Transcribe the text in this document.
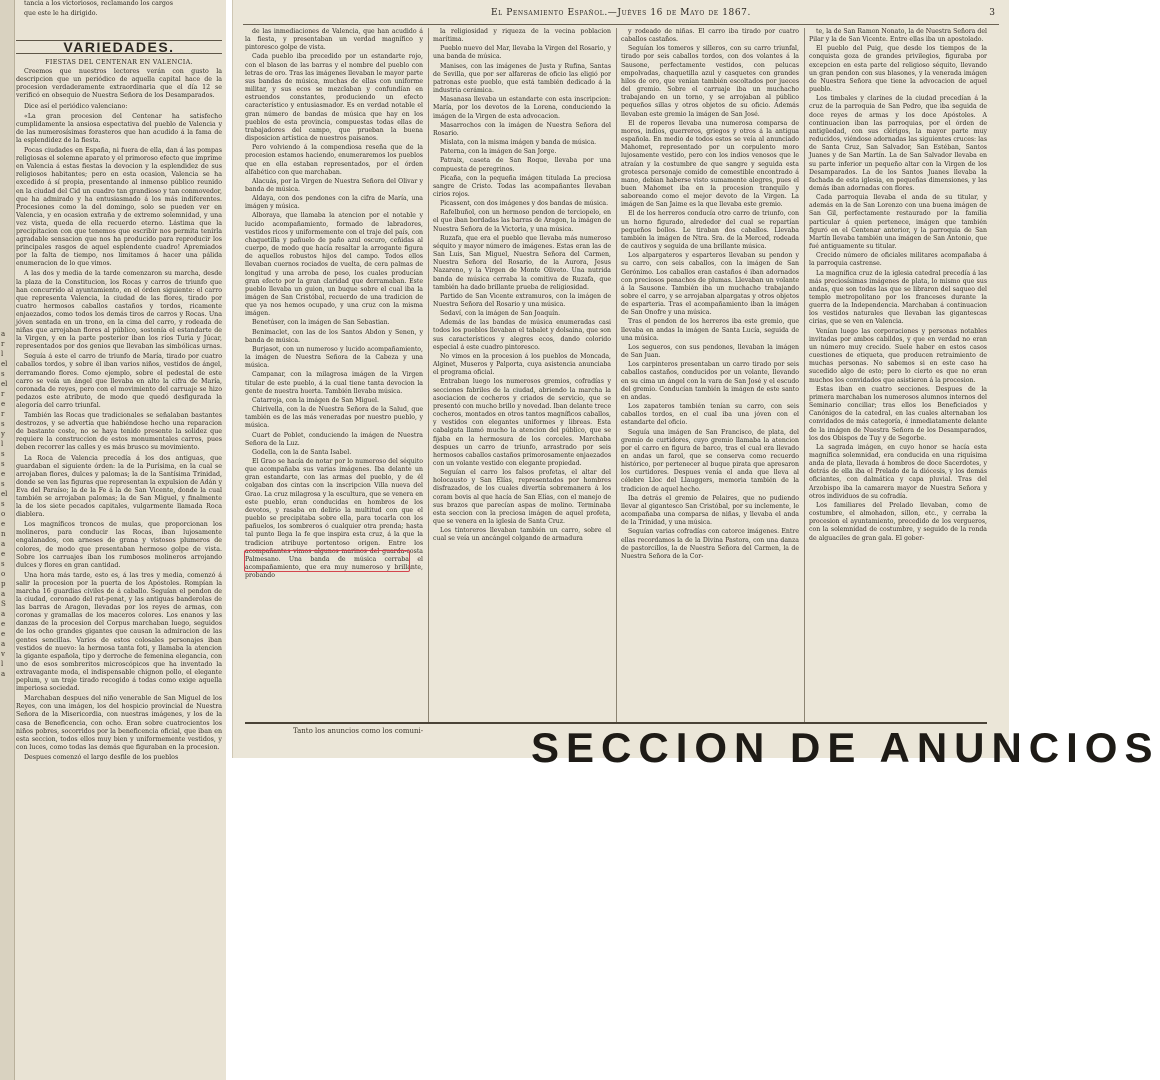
a
r
l
el
s
el
r
e
r
s
y
l
s
s
e
s
el
s
o
e
n
a
e
s
o
p
a
S
a
e
e
a
v
l
a

tancia a los victoriosos, reclamando los cargos

que este le ha dirigido.

VARIEDADES.

FIESTAS DEL CENTENAR EN VALENCIA.

Creemos que nuestros lectores verán con gusto la descripcion que un periódico de aquella capital hace de la procesion verdaderamente extraordinaria que el día 12 se verificó en obsequio de Nuestra Señora de los Desamparados.

Dice así el periódico valenciano:

«La gran procesion del Centenar ha satisfecho cumplidamente la ansiosa espectativa del pueblo de Valencia y de las numerosísimas forasteros que han acudido á la fama de la esplendidez de la fiesta.

Pocas ciudades en España, ni fuera de ella, dan á las pompas religiosas el solemne aparato y el primoroso efecto que imprime en Valencia á estas fiestas la devocion y la esplendidez de sus religiosos habitantes; pero en esta ocasion, Valencia se ha excedido á sí propia, presentando al inmenso público reunido en la ciudad del Cid un cuadro tan grandioso y tan conmovedor, que ha admirado y ha entusiasmado á los más indiferentes. Procesiones como la del domingo, solo se pueden ver en Valencia, y en ocasion extraña y de extremo solemnidad, y una vez vista, queda de ella recuerdo eterno. Lástima que la precipitacion con que tenemos que escribir nos permita tenirla agradable sensacion que nos ha producido para reproducir los principales rasgos de aquel esplendente cuadro! Apremiados por la falta de tiempo, nos limitamos á hacer una pálida enumeracion de lo que vimos.

A las dos y media de la tarde comenzaron su marcha, desde la plaza de la Constitucion, los Rocas y carros de triunfo que han concurrido al ayuntamiento, en el órden siguiente: el carro que representa Valencia, la ciudad de las flores, tirado por cuatro hermosos caballos castaños y tordos, ricamente enjaezados, como todos los demás tiros de carros y Rocas. Una jóven sentada en un trono, en la cima del carro, y rodeada de niñas que arrojaban flores al público, sostenía el estandarte de la Virgen, y en la parte posterior iban los ríos Turia y Júcar, representados por dos genios que llevaban las simbólicas urnas.

Seguía á este el carro de triunfo de María, tirado por cuatro caballos tordos, y sobre él iban varios niños, vestidos de ángel, derramando flores. Como ejemplo, sobre el pedestal de este carro se veía un ángel que llevaba en alto la cifra de María, coronada de reyes, pero con el movimiento del carruaje se hizo pedazos este atributo, de modo que quedó desfigurada la alegoría del carro triunfal.

También las Rocas que tradicionales se señalaban bastantes destrozos, y se advertía que habiéndose hecho una reparacion de bastante coste, no se haya tenido presente la solidez que requiere la construccion de estos monumentales carros, pues deben recorrer las calles y es más brusco su movimiento.

La Roca de Valencia precedía á los dos antiguas, que guardaban el siguiente órden: la de la Purísima, en la cual se arrojaban flores, dulces y palomas; la de la Santísima Trinidad, donde se ven las figuras que representan la expulsion de Adán y Eva del Paraíso; la de la Fe á la de San Vicente, donde la cual también se arrojaban palomas; la de San Miguel, y finalmente la de los siete pecados capitales, vulgarmente llamada Roca diablera.

Los magníficos troncos de mulas, que proporcionan los molineros, para conducir las Rocas, iban lujosamente engalanados, con arneses de grana y vistosos plumeros de colores, de modo que presentaban hermoso golpe de vista. Sobre los carruajes iban los rumbosos molineros arrojando dulces y flores en gran cantidad.

Una hora más tarde, esto es, á las tres y media, comenzó á salir la procesion por la puerta de los Apóstoles. Rompían la marcha 16 guardias civiles de á caballo. Seguían el pendon de la ciudad, coronado del rat-penat, y las antiguas banderolas de las barras de Aragon, llevadas por los reyes de armas, con coronas y gramallas de los maceros colores. Los enanos y las danzas de la procesion del Corpus marchaban luego, seguidos de los ocho grandes gigantes que causan la admiracion de las gentes sencillas. Varios de estos colosales personajes iban vestidos de nuevo: la hermosa tanta foti, y llamaba la atencion la gigante española, tipo y derroche de femenina elegancia, con uno de esos sombreritos microscópicos que ha inventado la extravagante moda, el indispensable chignon pollo, el elegante peplum, y un traje tirado recogido á todas como exige aquella imperiosa sociedad.

Marchaban despues del niño venerable de San Miguel de los Reyes, con una imágen, los del hospicio provincial de Nuestra Señora de la Misericordia, con nuestras imágenes, y los de la casa de Beneficencia, con ocho. Eran sobre cuatrocientos los niños pobres, socorridos por la beneficencia oficial, que iban en esta seccion, todos ellos muy bien y uniformemente vestidos, y con luces, como todas las demás que figuraban en la procesion.

Despues comenzó el largo desfile de los pueblos

El Pensamiento Español.—Juéves 16 de Mayo de 1867.	3

de las inmediaciones de Valencia, que han acudido á la fiesta, y presentaban un verdad magnífico y pintoresco golpe de vista.

Cada pueblo iba precedido por un estandarte rojo, con el blason de las barras y el nombre del pueblo con letras de oro. Tras las imágenes llevaban le mayor parte sus bandas de música, muchas de ellas con uniforme militar, y sus ecos se mezclaban y confundían en estruendos constantes, produciendo un efecto característico y entusiasmador. Es en verdad notable el gran número de bandas de música que hay en los pueblos de esta provincia, compuestas todas ellas de trabajadores del campo, que prueban la buena disposicion artística de nuestros paisanos.

Pero volviendo á la compendiosa reseña que de la procesion estamos haciendo, enumeraremos los pueblos que en ella estaban representados, por el órden alfabético con que marchaban.

Alacuás, por la Virgen de Nuestra Señora del Olivar y banda de música.

Aldaya, con dos pendones con la cifra de María, una imágen y música.

Alboraya, que llamaba la atencion por el notable y lucido acompañamiento, formado de labradores, vestidos ricos y uniformemente con el traje del país, con chaquetilla y pañuelo de paño azul oscuro, ceñidas al cuerpo, de modo que hacía resaltar la arrogante figura de aquellos robustos hijos del campo. Todos ellos llevaban cuernos rociados de vuelta, de cera palmas de longitud y una arroba de peso, los cuales producían gran efecto por la gran claridad que derramaban. Este pueblo llevaba un guion, un buque sobre el cual iba la imágen de San Cristóbal, recuerdo de una tradicion de que ya nos hemos ocupado, y una cruz con la misma imágen.

Benetúser, con la imágen de San Sebastian.

Benimaclet, con las de los Santos Abdon y Senen, y banda de música.

Burjasot, con un numeroso y lucido acompañamiento, la imágen de Nuestra Señora de la Cabeza y una música.

Campanar, con la milagrosa imágen de la Virgen titular de este pueblo, á la cual tiene tanta devocion la gente de nuestra huerta. También llevaba música.

Catarroja, con la imágen de San Miguel.

Chirivella, con la de Nuestra Señora de la Salud, que también es de las más veneradas por nuestro pueblo, y música.

Cuart de Poblet, conduciendo la imágen de Nuestra Señora de la Luz.

Godella, con la de Santa Isabel.

El Grao se hacía de notar por lo numeroso del séquito que acompañaba sus varias imágenes. Iba delante un gran estandarte, con las armas del pueblo, y de él colgaban dos cintas con la inscripcion Villa nueva del Grao. La cruz milagrosa y la escultura, que se venera en este pueblo, eran conducidas en hombros de los devotos, y rasaba en delirio la multitud con que el pueblo se precipitaba sobre ella, para tocarla con los pañuelos, los sombreros ó cualquier otra prenda; hasta tal punto llega la fe que inspira esta cruz, á la que la tradicion atribuye portentoso origen. Entre los acompañantes vimos algunos marinos del guarda-costa Palmesano. Una banda de música cerraba el acompañamiento, que era muy numeroso y brillante, probando

la religiosidad y riqueza de la vecina poblacion marítima.

Pueblo nuevo del Mar, llevaba la Virgen del Rosario, y una banda de música.

Manises, con las imágenes de Justa y Rufina, Santas de Sevilla, que por ser alfareras de oficio las eligió por patronas este pueblo, que está también dedicado á la industria cerámica.

Masanasa llevaba un estandarte con esta inscripcion: María, por los devotos de la Lorena, conduciendo la imágen de la Virgen de esta advocacion.

Masarrochos con la imágen de Nuestra Señora del Rosario.

Mislata, con la misma imágen y banda de música.

Paterna, con la imágen de San Jorge.

Patraix, caseta de San Roque, llevaba por una compuesta de peregrinos.

Picaña, con la pequeña imágen titulada La preciosa sangre de Cristo. Todas las acompañantes llevaban cirios rojos.

Picassent, con dos imágenes y dos bandas de música.

Rafelbuñol, con un hermoso pendon de terciopelo, en el que iban bordadas las barras de Aragon, la imágen de Nuestra Señora de la Victoria, y una música.

Ruzafa, que era el pueblo que llevaba más numeroso séquito y mayor número de imágenes. Estas eran las de San Luis, San Miguel, Nuestra Señora del Carmen, Nuestra Señora del Rosario, de la Aurora, Jesus Nazareno, y la Virgen de Monte Oliveto. Una nutrida banda de música cerraba la comitiva de Ruzafa, que también ha dado brillante prueba de religiosidad.

Partido de San Vicente extramuros, con la imágen de Nuestra Señora del Rosario y una música.

Sedaví, con la imágen de San Joaquín.

Además de las bandas de música enumeradas casi todos los pueblos llevaban el tabalet y dolsaina, que son sus característicos y alegres ecos, dando colorido especial á este cuadro pintoresco.

No vimos en la procesion á los pueblos de Moncada, Alginet, Museros y Palporta, cuya asistencia anunciaba el programa oficial.

Entraban luego los numerosos gremios, cofradías y secciones fabriles de la ciudad, abriendo la marcha la asociacion de cocheros y criados de servicio, que se presentó con mucho brillo y novedad. Iban delante trece cocheros, montados en otros tantos magníficos caballos, y vestidos con elegantes uniformes y libreas. Esta cabalgata llamó mucho la atencion del público, que se fijaba en la hermosura de los corceles. Marchaba despues un carro de triunfo, arrastrado por seis hermosos caballos castaños primorosamente enjaezados con un volante vestido con elegante propiedad.

Seguían el carro los falsos profetas, el altar del holocausto y San Elías, representados por hombres disfrazados, de los cuales divertía sobremanera á los coram bovis al que hacía de San Elías, con el manejo de sus brazos que parecían aspas de molino. Terminaba esta seccion con la preciosa imágen de aquel profeta, que se venera en la iglesia de Santa Cruz.

Los tintoreros llevaban también un carro, sobre el cual se veía un ancángel colgando de armadura

y rodeado de niñas. El carro iba tirado por cuatro caballos castaños.

Seguían los tomeros y silleros, con su carro triunfal, tirado por seis caballos tordos, con dos volantes á la Sausone, perfectamente vestidos, con pelucas empolvadas, chaquetilla azul y casquetes con grandes hilos de oro, que venían también escoltados por jueces del gremio. Sobre el carruaje iba un muchacho trabajando en un torno, y se arrojaban al público pequeños sillas y otros objetos de su oficio. Además llevaban este gremio la imágen de San José.

El de roperos llevaba una numerosa comparsa de moros, indios, guerreros, griegos y otros á la antigua española. En medio de todos estos se veía al anunciado Mahomet, representado por un corpulento moro lujosamente vestido, pero con los indios venosos que le atraían y la costumbre de que sangre y seguida esta grotesca personaje comido de comestible encontrado á mano, debian haberse visto sumamente alegres, pues el buen Mahomet iba en la procesion tranquilo y saboreando como el mejor devoto de la Virgen. La imágen de San Jaime es la que llevaba este gremio.

El de los herreros conducía otro carro de triunfo, con un horno figurado, alrededor del cual se repartían pequeños bollos. Le tiraban dos caballos. Llevaba también la imágen de Ntra. Sra. de la Merced, rodeada de cautivos y seguida de una brillante música.

Los alpargateros y esparteros llevaban su pendon y su carro, con seis caballos, con la imágen de San Gerónimo. Los caballos eran castaños é iban adornados con preciosos penachos de plumas. Llevaban un volante á la Sausone. También iba un muchacho trabajando sobre el carro, y se arrojaban alpargatas y otros objetos de esparteria. Tras el acompañamiento iban la imágen de San Onofre y una música.

Tras el pendon de los herreros iba este gremio, que llevaba en andas la imágen de Santa Lucía, seguida de una música.

Los segueros, con sus pendones, llevaban la imágen de San Juan.

Los carpinteros presentaban un carro tirado por seis caballos castaños, conducidos por un volante, llevando en su cima un ángel con la vara de San José y el escudo del gremio. Conducían también la imágen de este santo en andas.

Los zapateros también tenían su carro, con seis caballos tordos, en el cual iba una jóven con el estandarte del oficio.

Seguía una imágen de San Francisco, de plata, del gremio de curtidores, cuyo gremio llamaba la atencion por el carro en figura de barco, tras el cual era llevado en andas un farol, que se conserva como recuerdo histórico, por pertenecer al buque pirata que apresaron los curtidores. Despues venía el anda que lleva al célebre Lloc del Llauggers, memoria también de la tradicion de aquel hecho.

Iba detrás el gremio de Pelaires, que no pudiendo llevar al gigantesco San Cristóbal, por su inclemente, le acompañaba una comparsa de niñas, y llevaba el anda de la Trinidad, y una música.

Seguían varias cofradías con catorce imágenes. Entre ellas recordamos la de la Divina Pastora, con una danza de pastorcillos, la de Nuestra Señora del Carmen, la de Nuestra Señora de la Cor-

te, la de San Ramon Nonato, la de Nuestra Señora del Pilar y la de San Vicente. Entre ellas iba un apostolado.

El pueblo del Puig, que desde los tiempos de la conquista goza de grandes privilegios, figuraba por excepcion en esta parte del religioso séquito, llevando un gran pendon con sus blasones, y la venerada imágen de Nuestra Señora que tiene la advocacion de aquel pueblo.

Los timbales y clarines de la ciudad precedían á la cruz de la parroquia de San Pedro, que iba seguida de doce reyes de armas y los doce Apóstoles. A continuacion iban las parroquias, por el órden de antigüedad, con sus clérigos, la mayor parte muy reducidos, viéndose adornadas las siguientes cruces: las de Santa Cruz, San Salvador, San Estéban, Santos Juanes y de San Martín. La de San Salvador llevaba en su parte inferior un pequeño altar con la Virgen de los Desamparados. La de los Santos Juanes llevaba la fachada de esta iglesia, en pequeñas dimensiones, y las demás iban adornadas con flores.

Cada parroquia llevaba el anda de su titular, y además en la de San Lorenzo con una buena imágen de San Gil, perfectamente restaurado por la familia particular á quien pertenece, imágen que también figuró en el Centenar anterior, y la parroquia de San Martín llevaba también una imágen de San Antonio, que fué antiguamente su titular.

Crecido número de oficiales militares acompañaba á la parroquia castrense.

La magnífica cruz de la iglesia catedral precedía á las más preciosísimas imágenes de plata, lo mismo que sus andas, que son todas las que se libraron del saqueo del templo metropolitano por los franceses durante la guerra de la Independencia. Marchaban á continuacion los vestidos naturales que llevaban las gigantescas cirias, que se ven en Valencia.

Venían luego las corporaciones y personas notables invitadas por ambos cabildos, y que en verdad no eran un número muy crecido. Suele haber en estos casos cuestiones de etiqueta, que producen retraimiento de muchas personas. No sabemos si en este caso ha sucedido algo de esto; pero lo cierto es que no eran muchos los convidados que asistieron á la procesion.

Estas iban en cuatro secciones. Despues de la primera marchaban los numerosos alumnos internos del Seminario conciliar; tras ellos los Beneficiados y Canónigos de la catedral, en las cuales alternaban los convidados de más categoría, é inmediatamente delante de la imágen de Nuestra Señora de los Desamparados, los dos Obispos de Tuy y de Segorbe.

La sagrada imágen, en cuyo honor se hacía esta magnífica solemnidad, era conducida en una riquísima anda de plata, llevada á hombros de doce Sacerdotes, y detrás de ella iba el Prelado de la diócesis, y los demás oficiantes, con dalmática y capa pluvial. Tras del Arzobispo iba la camarera mayor de Nuestra Señora y otros individuos de su cofradía.

Los familiares del Prelado llevaban, como de costumbre, el almohadon, sillon, etc., y cerraba la procesion el ayuntamiento, precedido de los vergueros, con la solemnidad de costumbre, y seguido de la ronda de alguaciles de gran gala. El gober-

Tanto los anuncios como los comuni-	SECCION DE ANUNCIOS
